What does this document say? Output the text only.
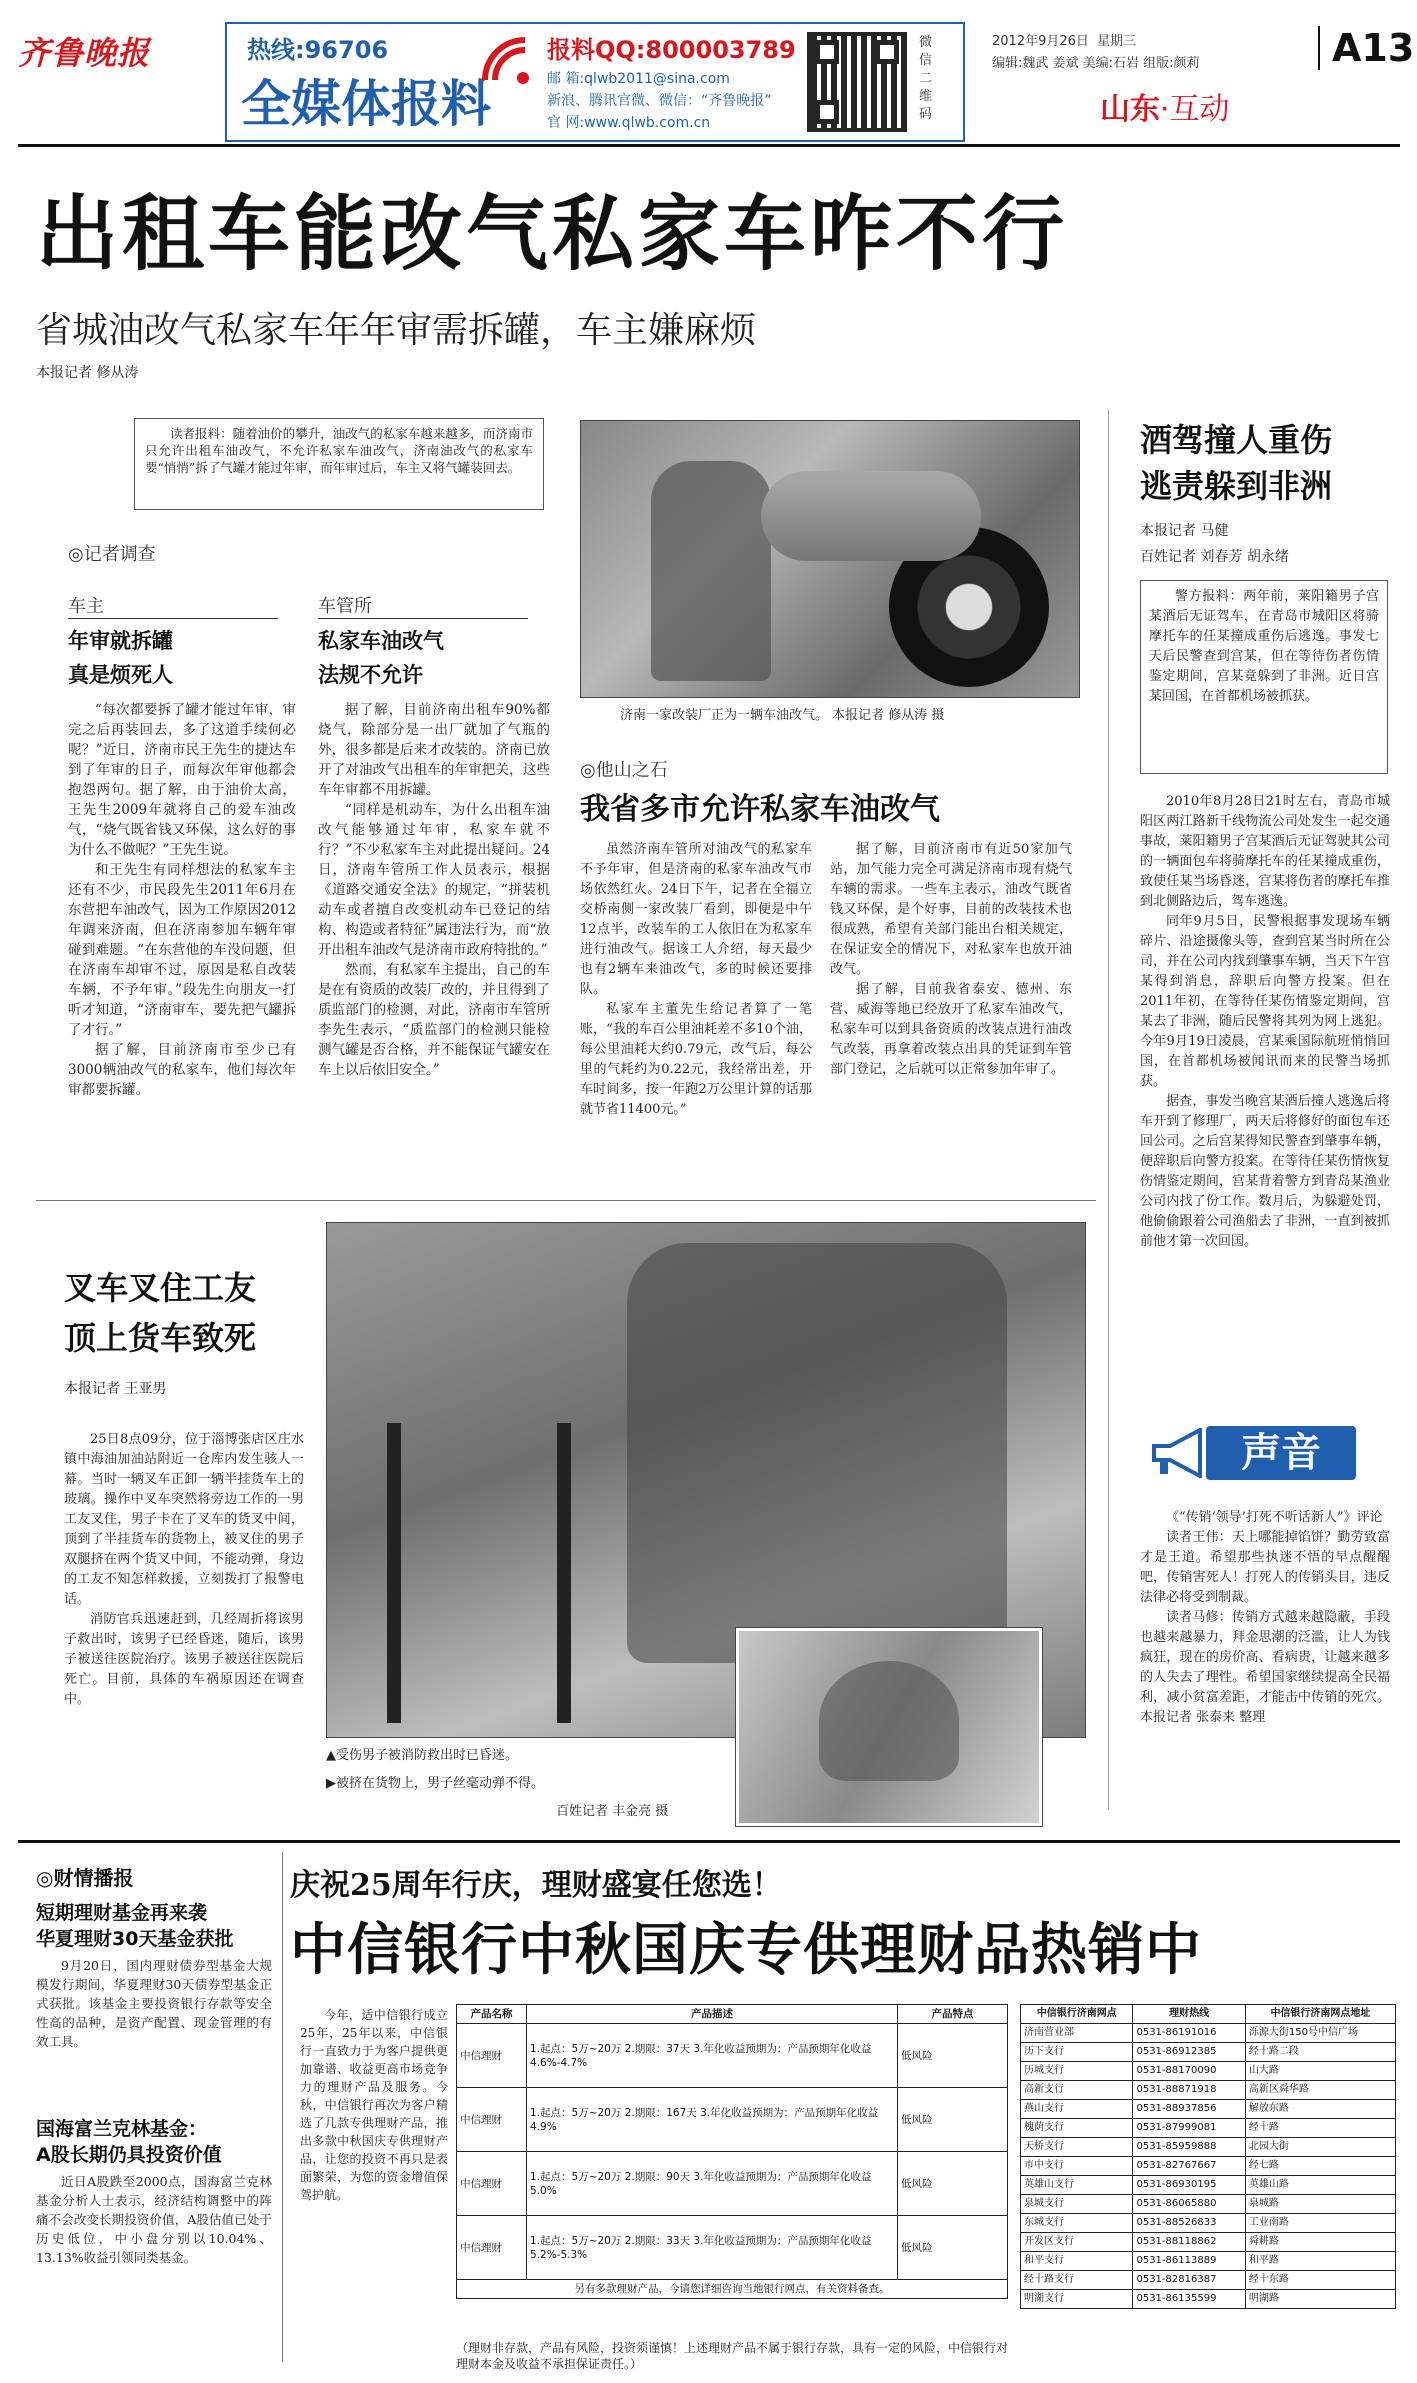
齐鲁晚报	热线:96706
全媒体报料
报料QQ:800003789
邮 箱:qlwb2011@sina.com
新浪、腾讯官微、微信：“齐鲁晚报”
官 网:www.qlwb.com.cn
微信二维码
2012年9月26日 星期三
编辑:魏武 姜斌 美编:石岩 组版:颜莉	A13
山东·互动
出租车能改气私家车咋不行
省城油改气私家车年年审需拆罐，车主嫌麻烦
本报记者 修从涛
读者报料：随着油价的攀升，油改气的私家车越来越多，而济南市只允许出租车油改气，不允许私家车油改气，济南油改气的私家车要“悄悄”拆了气罐才能过年审，而年审过后，车主又将气罐装回去。
◎记者调查
车主
年审就拆罐
真是烦死人

“每次都要拆了罐才能过年审，审完之后再装回去，多了这道手续何必呢？”近日，济南市民王先生的捷达车到了年审的日子，而每次年审他都会抱怨两句。据了解，由于油价太高，王先生2009年就将自己的爱车油改气，“烧气既省钱又环保，这么好的事为什么不做呢？”王先生说。

和王先生有同样想法的私家车主还有不少，市民段先生2011年6月在东营把车油改气，因为工作原因2012年调来济南，但在济南参加车辆年审碰到难题。“在东营他的车没问题，但在济南车却审不过，原因是私自改装车辆，不予年审。”段先生向朋友一打听才知道，“济南审车，要先把气罐拆了才行。”

据了解，目前济南市至少已有3000辆油改气的私家车，他们每次年审都要拆罐。

车管所
私家车油改气
法规不允许

据了解，目前济南出租车90%都烧气，除部分是一出厂就加了气瓶的外，很多都是后来才改装的。济南已放开了对油改气出租车的年审把关，这些车年审都不用拆罐。

“同样是机动车，为什么出租车油改气能够通过年审，私家车就不行？”不少私家车主对此提出疑问。24日，济南车管所工作人员表示，根据《道路交通安全法》的规定，“拼装机动车或者擅自改变机动车已登记的结构、构造或者特征”属违法行为，而“放开出租车油改气是济南市政府特批的。”

然而，有私家车主提出，自己的车是在有资质的改装厂改的，并且得到了质监部门的检测，对此，济南市车管所李先生表示，“质监部门的检测只能检测气罐是否合格，并不能保证气罐安在车上以后依旧安全。”

济南一家改装厂正为一辆车油改气。 本报记者 修从涛 摄
◎他山之石
我省多市允许私家车油改气

虽然济南车管所对油改气的私家车不予年审，但是济南的私家车油改气市场依然红火。24日下午，记者在全福立交桥南侧一家改装厂看到，即便是中午12点半，改装车的工人依旧在为私家车进行油改气。据该工人介绍，每天最少也有2辆车来油改气，多的时候还要排队。

私家车主董先生给记者算了一笔账，“我的车百公里油耗差不多10个油，每公里油耗大约0.79元，改气后，每公里的气耗约为0.22元，我经常出差，开车时间多，按一年跑2万公里计算的话那就节省11400元。”

据了解，目前济南市有近50家加气站，加气能力完全可满足济南市现有烧气车辆的需求。一些车主表示，油改气既省钱又环保，是个好事，目前的改装技术也很成熟，希望有关部门能出台相关规定，在保证安全的情况下，对私家车也放开油改气。

据了解，目前我省泰安、德州、东营、威海等地已经放开了私家车油改气，私家车可以到具备资质的改装点进行油改气改装，再拿着改装点出具的凭证到车管部门登记，之后就可以正常参加年审了。

酒驾撞人重伤
逃责躲到非洲
本报记者 马健
百姓记者 刘春芳 胡永绪
警方报料：两年前，莱阳籍男子宫某酒后无证驾车，在青岛市城阳区将骑摩托车的任某撞成重伤后逃逸。事发七天后民警查到宫某，但在等待伤者伤情鉴定期间，宫某竟躲到了非洲。近日宫某回国，在首都机场被抓获。

2010年8月28日21时左右，青岛市城阳区两江路新千线物流公司处发生一起交通事故，莱阳籍男子宫某酒后无证驾驶其公司的一辆面包车将骑摩托车的任某撞成重伤，致使任某当场昏迷，宫某将伤者的摩托车推到北侧路边后，驾车逃逸。

同年9月5日，民警根据事发现场车辆碎片、沿途摄像头等，查到宫某当时所在公司，并在公司内找到肇事车辆，当天下午宫某得到消息，辞职后向警方投案。但在2011年初，在等待任某伤情鉴定期间，宫某去了非洲，随后民警将其列为网上逃犯。今年9月19日凌晨，宫某乘国际航班悄悄回国，在首都机场被闻讯而来的民警当场抓获。

据查，事发当晚宫某酒后撞人逃逸后将车开到了修理厂，两天后将修好的面包车还回公司。之后宫某得知民警查到肇事车辆，便辞职后向警方投案。在等待任某伤情恢复伤情鉴定期间，宫某背着警方到青岛某渔业公司内找了份工作。数月后，为躲避处罚，他偷偷跟着公司渔船去了非洲，一直到被抓前他才第一次回国。

声音

《“传销‘领导’打死不听话新人”》评论

读者王伟：天上哪能掉馅饼？勤劳致富才是王道。希望那些执迷不悟的早点醒醒吧，传销害死人！打死人的传销头目，违反法律必将受到制裁。

读者马修：传销方式越来越隐蔽，手段也越来越暴力，拜金思潮的泛滥，让人为钱疯狂，现在的房价高、看病贵，让越来越多的人失去了理性。希望国家继续提高全民福利，减小贫富差距，才能击中传销的死穴。 本报记者 张泰来 整理

叉车叉住工友
顶上货车致死
本报记者 王亚男

25日8点09分，位于淄博张店区庄水镇中海油加油站附近一仓库内发生骇人一幕。当时一辆叉车正卸一辆半挂货车上的玻璃。操作中叉车突然将旁边工作的一男工友叉住，男子卡在了叉车的货叉中间，顶到了半挂货车的货物上，被叉住的男子双腿挤在两个货叉中间，不能动弹，身边的工友不知怎样救援，立刻拨打了报警电话。

消防官兵迅速赶到，几经周折将该男子救出时，该男子已经昏迷，随后，该男子被送往医院治疗。该男子被送往医院后死亡。目前，具体的车祸原因还在调查中。

▲受伤男子被消防救出时已昏迷。
▶被挤在货物上，男子丝毫动弹不得。
百姓记者 丰金亮 摄
◎财情播报
短期理财基金再来袭
华夏理财30天基金获批
9月20日，国内理财债券型基金大规模发行期间，华夏理财30天债券型基金正式获批。该基金主要投资银行存款等安全性高的品种，是资产配置、现金管理的有效工具。
国海富兰克林基金：
A股长期仍具投资价值
近日A股跌至2000点，国海富兰克林基金分析人士表示，经济结构调整中的阵痛不会改变长期投资价值，A股估值已处于历史低位，中小盘分别以10.04%、13.13%收益引领同类基金。
庆祝25周年行庆，理财盛宴任您选！
中信银行中秋国庆专供理财品热销中
今年，适中信银行成立25年，25年以来，中信银行一直致力于为客户提供更加靠谱、收益更高市场竞争力的理财产品及服务。今秋，中信银行再次为客户精选了几款专供理财产品，推出多款中秋国庆专供理财产品，让您的投资不再只是表面繁荣，为您的资金增值保驾护航。
产品名称	产品描述	产品特点
中信理财	1.起点：5万~20万 2.期限：37天 3.年化收益预期为：产品预期年化收益4.6%-4.7%	低风险
中信理财	1.起点：5万~20万 2.期限：167天 3.年化收益预期为：产品预期年化收益4.9%	低风险
中信理财	1.起点：5万~20万 2.期限：90天 3.年化收益预期为：产品预期年化收益5.0%	低风险
中信理财	1.起点：5万~20万 2.期限：33天 3.年化收益预期为：产品预期年化收益5.2%-5.3%	低风险
另有多款理财产品，今请您详细咨询当地银行网点，有关资料备查。		
（理财非存款，产品有风险，投资须谨慎！上述理财产品不属于银行存款，具有一定的风险，中信银行对理财本金及收益不承担保证责任。）
中信银行济南网点	理财热线	中信银行济南网点地址
济南营业部	0531-86191016	泺源大街150号中信广场
历下支行	0531-86912385	经十路二段
历城支行	0531-88170090	山大路
高新支行	0531-88871918	高新区舜华路
燕山支行	0531-88937856	解放东路
槐荫支行	0531-87999081	经十路
天桥支行	0531-85959888	北园大街
市中支行	0531-82767667	经七路
英雄山支行	0531-86930195	英雄山路
泉城支行	0531-86065880	泉城路
东城支行	0531-88526833	工业南路
开发区支行	0531-88118862	舜耕路
和平支行	0531-86113889	和平路
经十路支行	0531-82816387	经十东路
明湖支行	0531-86135599	明湖路
